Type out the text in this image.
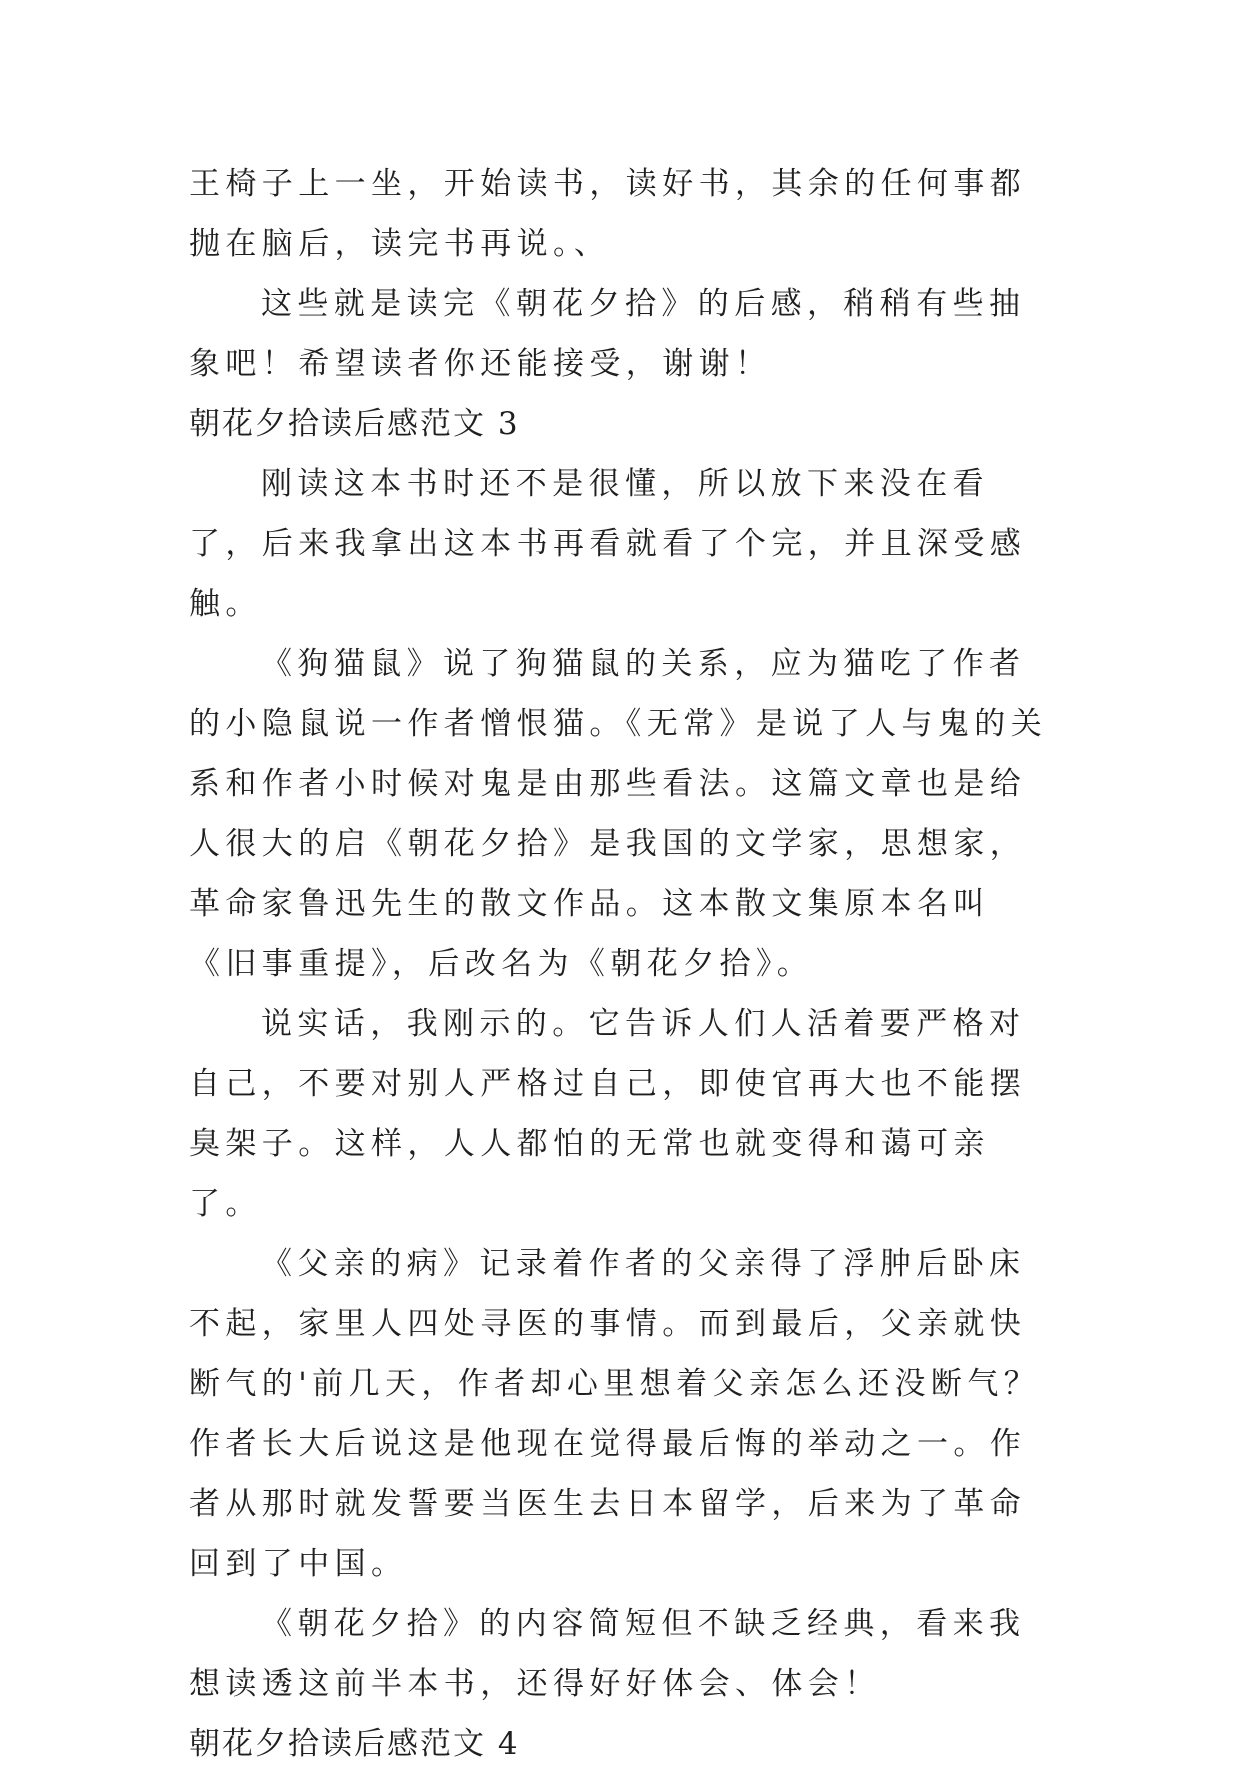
王椅子上一坐，开始读书，读好书，其余的任何事都抛在脑后，读完书再说。、

这些就是读完《朝花夕拾》的后感，稍稍有些抽象吧！希望读者你还能接受，谢谢！

朝花夕拾读后感范文 3

刚读这本书时还不是很懂，所以放下来没在看了，后来我拿出这本书再看就看了个完，并且深受感触。

《狗猫鼠》说了狗猫鼠的关系，应为猫吃了作者的小隐鼠说一作者憎恨猫。《无常》是说了人与鬼的关系和作者小时候对鬼是由那些看法。这篇文章也是给人很大的启《朝花夕拾》是我国的文学家，思想家，革命家鲁迅先生的散文作品。这本散文集原本名叫《旧事重提》，后改名为《朝花夕拾》。

说实话，我刚示的。它告诉人们人活着要严格对自己，不要对别人严格过自己，即使官再大也不能摆臭架子。这样，人人都怕的无常也就变得和蔼可亲了。

《父亲的病》记录着作者的父亲得了浮肿后卧床不起，家里人四处寻医的事情。而到最后，父亲就快断气的'前几天，作者却心里想着父亲怎么还没断气？作者长大后说这是他现在觉得最后悔的举动之一。作者从那时就发誓要当医生去日本留学，后来为了革命回到了中国。

《朝花夕拾》的内容简短但不缺乏经典，看来我想读透这前半本书，还得好好体会、体会！

朝花夕拾读后感范文 4
